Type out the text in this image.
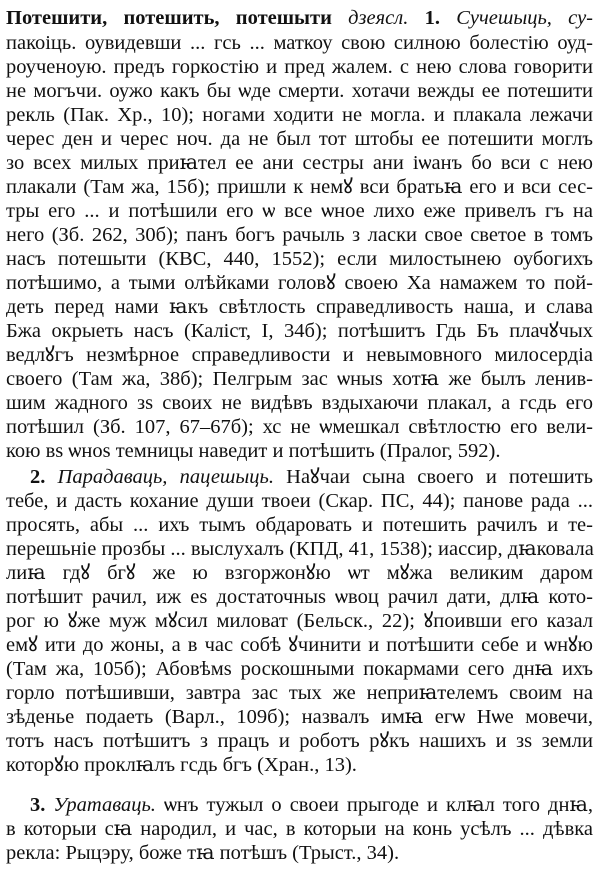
Потешити, потешить, потешыти дзеясл. 1. Сучешыць, су-
пакоіць. оувидевши ... гсь ... маткоу свою силною болестію оуд-
роученоую. предъ горкостію и пред жалем. с нею слова говорити
не могъчи. оужо какъ бы ѡде смерти. хотачи вежды ее потешити
рекль (Пак. Хр., 10); ногами ходити не могла. и плакала лежачи
черес ден и черес ноч. да не был тот штобы ее потешити моглъ
зо всех милых приꙗтел ее ани сестры ани іѡанъ бо вси с нею
плакали (Там жа, 15б); пришли к немꙋ вси братьꙗ его и вси сес-
тры его ... и потѣшили его ѡ все ѡное лихо еже привелъ гъ на
него (Зб. 262, 30б); панъ богъ рачыль з ласки свое светое в томъ
насъ потешыти (КВС, 440, 1552); если милостынею оубогихъ
потѣшимо, а тыми олѣйками головꙋ своею Ха намажем то пой-
деть перед нами ꙗкъ свѣтлость справедливость наша, и слава
Бжа окрыеть насъ (Каліст, I, 34б); потѣшитъ Гдь Бъ плачꙋчых
ведлꙋгъ незмѣрное справедливости и невымовного милосердіа
своего (Там жа, 38б); Пелгрым зас ѡныs хотꙗ же былъ ленив-
шим жадного зs своих не видѣвъ вздыхаючи плакал, а гсдь его
потѣшил (Зб. 107, 67–67б); хс не ѡмешкал свѣтлостю его вели-
кою вs ѡноs темницы наведит и потѣшить (Пралог, 592).
2. Парадаваць, пацешыць. Наꙋчаи сына своего и потешить
тебе, и дасть кохание души твоеи (Скар. ПС, 44); панове рада ...
просять, абы ... ихъ тымъ обдаровать и потешить рачилъ и те-
перешьніе прозбы ... выслухалъ (КПД, 41, 1538); иассир, дꙗковала
лиꙗ гдꙋ бгꙋ же ю взгоржонꙋю ѡт мꙋжа великим даром
потѣшит рачил, иж es достаточныs ѡвоц рачил дати, длꙗ кото-
рог ю ꙋже муж мꙋсил миловат (Бельск., 22); ꙋпоивши его казал
емꙋ ити до жоны, а в час собѣ ꙋчинити и потѣшити себе и ѡнꙋю
(Там жа, 105б); Абовѣмs роскошными покармами сего днꙗ ихъ
горло потѣшивши, завтра зас тых же неприꙗтелемъ своим на
зѣденье подаеть (Варл., 109б); назвалъ имꙗ егѡ Нѡе мовечи,
тотъ насъ потѣшитъ з працъ и роботъ рꙋкъ нашихъ и зs земли
которꙋю проклꙗлъ гсдь бгъ (Хран., 13).
3. Уратаваць. ѡнъ тужыл о своеи прыгоде и клꙗл того днꙗ,
в которыи сꙗ народил, и час, в которыи на конь усѣлъ ... дѣвка
рекла: Рыцэру, боже тꙗ потѣшъ (Трыст., 34).
